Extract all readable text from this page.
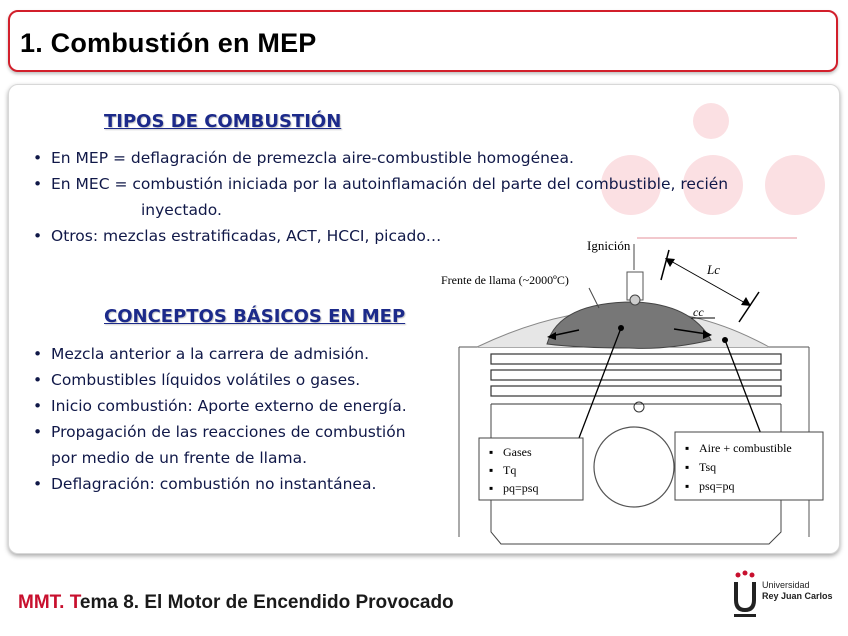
1. Combustión en MEP
TIPOS DE COMBUSTIÓN
• En MEP = deflagración de premezcla aire-combustible homogénea.
• En MEC = combustión iniciada por la autoinflamación del parte del combustible, recién
inyectado.
• Otros: mezclas estratificadas, ACT, HCCI, picado…
CONCEPTOS BÁSICOS EN MEP
• Mezcla anterior a la carrera de admisión.
• Combustibles líquidos volátiles o gases.
• Inicio combustión: Aporte externo de energía.
• Propagación de las reacciones de combustión
por medio de un frente de llama.
• Deflagración: combustión no instantánea.
Ignición
Frente de llama (~2000ºC)
Lc
cc
▪ Gases
▪ Tq
▪ pq=psq
▪ Aire + combustible
▪ Tsq
▪ psq=pq
MMT. Tema 8. El Motor de Encendido Provocado
Universidad
Rey Juan Carlos
